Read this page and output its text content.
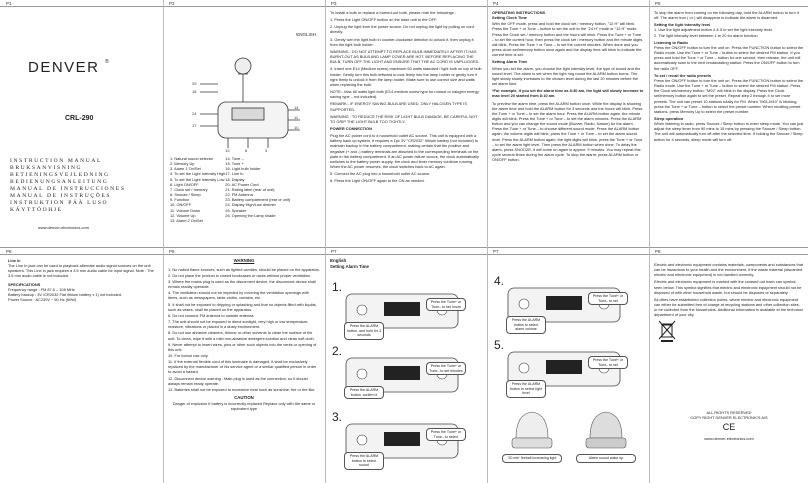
P1	P2	P3	P4	P5
P6	P6	P7	P7	P8
DENVER ®
CRL-290
INSTRUCTION MANUAL
BRUKSANVISNING
BETJENINGSVEJLEDNING
BEDIENUNGSANLEITUNG
MANUAL DE INSTRUCCIONES
MANUAL DE INSTRUÇÕES
INSTRUKTION PÄÄ LUSO
KÄYTTÖOHJE
www.denver-electronics.com
ENGLISH
25
16
24
17
14
11
10
13	8	3
1. Natural sound selector
2. Memory Up
3. Alarm 1 On/Set
4. To set the Light Intensity High
5. To set the Light Intensity Low
6. Light ON/OFF
7. Clock set / memory
8. Snooze / Sleep
9. Function
10. ON/OFF
11. Volume Down
12. Volume Up
13. Alarm 2 On/Set
14. Tune –
15. Tune +
16. Light bulb holder
17. Line In
18. Display
20. AC Power Cord
21. Rating label (rear of unit)
22. FM Antenna
23. Battery compartment (rear of unit)
24. Display High/Low dimmer
25. Speaker
26. Opening the Lamp shade

To install a bulb or replace a burned-out bulb, please note the followings :

1. Press the Light ON/OFF button on the base unit to the OFF.

2. Unplug the light from the power source. Do not unplug the light by pulling on cord directly.

3. Gently turn the light bulb in counter-clockwise direction to unlock it, then unplug it from the light bulb holder.

WARNING : DO NOT ATTEMPT TO REPLACE BULB IMMEDIATELY AFTER IT HAS BURNT-OUT AS BULB AND LAMP COVER ARE HOT. BEFORE REPLACING THE BULB, TURN OFF THE LIGHT AND ENSURE THAT THE AC CORD IS UNPLUGGED.

4. Insert one E14 (Medium screw) maximum 60 watts standard / light bulb on top of bulb holder. Gently turn this bulb leftward to look firmly into the lamp holder or gently turn it right firmly to unlock it from the lamp holder. Make sure to use correct size and watts when replacing the bulb.

NOTE:- Max 60 watts light bulb (E14 medium screw type for normal or halogen energy saving type – not included).

REMARK:- IF ENERGY SAVING BULB ARE USED, ONLY HALOGEN TYPE IS SUPPORTED.

WARNING : TO REDUCE THE RISK OF LIGHT BULB DAMAGE, BE CAREFUL NOT TO GRIP THE LIGHT BULB TOO TIGHTLY.

POWER CONNECTION

Plug the AC power cord to a household outlet AC source. This unit is equipped with a battery back up system, it requires a 1pc 3V "CR2032" lithium battery (not included) to maintain backup in the battery compartment, making certain that the positive and negative (+ and -) battery terminals are attached to the corresponding terminals on the plate in the battery compartment. If an AC power failure occurs, the clock automatically switches to the battery power supply, the clock and timer memory continue running. When the AC power resumes, the clock switches back to AC again.

5. Connect the AC plug into a household outlet AC source.

6. Press the Light ON/OFF again to the ON as needed.

OPERATING INSTRUCTIONS

Setting Clock Time

With the OFF mode, press and hold the clock set / memory button, "12 H" will blink. Press the Tune + or Tune – button to set the unit to the "24 H" mode or "12 H" mode. Press the Clock set / memory button and the hours will blink. Press the Tune + or Tune – to set the current hour, then press the clock set / memory button and the minute digits will blink. Press the Tune + or Tune – to set the current minutes. When done and you press clock set/memory button once again and the display time will blink to indicate the current time is set.

Setting Alarm Time

When you set the alarm, you choose the light intensity level, the type of sound and the sound level. The alarm is set when the light ring round the ALARM button burns. The light slowly slowly increases to the chosen level during the last 20 minutes before the set alarm time.

*For example, if you set the alarm time as 8:30 am, the light will slowly increase to max level 20 started from 8:10 am.

To preview the alarm time, press the ALARM button once. While the display is showing the alarm time and hold the ALARM button for 3 seconds and the hours will blink. Press the Tune + or Tune – to set the alarm hour. Press the ALARM button again, the minute digits will blink. Press the Tune + or Tune – to set the alarm minutes. Press the ALARM button and you can change the sound mode (Buzzer, Radio, Nature) for the alarm. Press the Tune + or Tune – to choose different sound mode. Press the ALARM button again, the volume digits will blink, press the Tune + or Tune – to set the alarm sound level. Press the ALARM button again; the light digits will blink, press the Tune + or Tune – to set the alarm light level. Then press the ALARM button when done. To delay the alarm, press SNOOZE, it will come on again in approx. 9 minutes. You may repeat this cycle several times during the alarm cycle. To stop the alarm; press ALARM button or ON/OFF button.

To stop the alarm from coming on the following day, hold the ALARM button to turn it off. The alarm icon ( or ) will disappear to indicate the alarm is disarmed.

Setting the light intensity level

1. Use the light adjustment button 4 & 5 to set the light intensity level.

2. The light intensity level between 1 to 20 for alarm function.

Listening to Radio

Press the ON/OFF button to turn the unit on. Press the FUNCTION button to select the Radio mode. Use the Tune + or Tune – button to select the desired FM station. If you press and hold the Tune + or Tune – button for one second, then release, the unit will automatically scan to the next broadcasting station. Press the ON/OFF button to turn the radio OFF.

To set / recall the radio presets

Press the ON/OFF button to turn the unit on. Press the FUNCTION button to select the Radio mode. Use the Tune + or Tune – button to select the desired FM station. Press the Clock set/memory button; "M02" will blink in the display. Press the Clock set/memory button again to set the preset. Repeat step 2 through 4 to set more presets. The unit can preset 10 stations totally for FM. When "M01-M10" is blinking, press the Tune + or Tune – button to select the preset number. When recalling preset stations, press Memory Up to select the preset number.

Sleep operation

When listening to radio, press Snooze / Sleep button to enter sleep mode. You can just adjust the sleep timer from 90 mins to 15 mins by pressing the Snooze / Sleep button. The unit will automatically turn off after the selected time. If holding the Snooze / Sleep button for 4 seconds, sleep mode will turn off.

Line in

The Line In jack can be used to playback alternate audio signal sources on the unit speakers. This Line in jack requires a 3.5 mm audio cable for input signal. Note : The 3.5 mm audio cable is not included.

SPECIFICATIONS

Frequency range : FM 87.5 – 108 MHz

Battery backup : 3V /CR2032 Flat lithium battery x 1) not included.

Power Source : AC230V ~ 50 Hz (60W)

WARNING

1. No naked flame sources, such as lighted candles, should be placed on the apparatus.

2. Do not place the product in closed bookcases or racks without proper ventilation.

3. Where the mains plug is used as the disconnect device, the disconnect device shall remain readily operable.

4. The ventilation should not be impeded by covering the ventilation openings with items, such as newspapers, table-cloths, curtains, etc.

5. It shall not be exposed to dripping or splashing and that no objects filled with liquids, such as vases, shall be placed on the apparatus.

6. Do not connect FM antenna to outside antenna.

7. The unit should not be exposed to direct sunlight, very high or low temperature, moisture, vibrations or placed in a dusty environment.

8. Do not use abrasive cleaners, thinner or other solvents to clean the surface of the unit. To clean, wipe it with a mild non-abrasive detergent solution and clean soft cloth.

9. Never attempt to insert wires, pins or other such objects into the vents or opening of this unit.

10. For indoor use only.

11. If the external flexible cord of this luminaire is damaged, it shall be exclusively replaced by the manufacturer or his service agent or a similar qualified person in order to avoid a hazard.

12. Disconnect device warning : Main plug is used as the connection, so it should always remain ready operate.

13. Batteries shall not be exposed to excessive heat such as sunshine, fire or the like.

CAUTION

Danger of explosion if battery is incorrectly replaced Replace only with the same or equivalent type

English

Setting Alarm Time

1.
Press the ALARM button, and hold for 3 seconds
Press the Tune+ or Tune– to set hours
2.
Press the ALARM button, confirm it
Press the Tune+ or Tune– to set minutes
3.
Press the ALARM button to select sound
Press the Tune+ or Tune– to select
4.
Press the ALARM button to select alarm volume
Press the Tune+ or Tune– to set
5.
Press the ALARM button to select light level
Press the Tune+ or Tune– to set
'20 min' fireball increasing light	Alarm sound wake up

Electric and electronic equipment contains materials, components and substances that can be hazardous to your health and the environment, if the waste material (discarded electric and electronic equipment) is not handled correctly.

Electric and electronic equipment is marked with the crossed out trash can symbol, seen below. This symbol signifies that electric and electronic equipment should not be disposed of with other household waste, but should be disposed of separately.

All cities have established collection points, where electric and electronic equipment can either be submitted free of charge at recycling stations and other collection sites, or be collected from the households. Additional information is available at the technical department of your city.

ALL RIGHTS RESERVED

COPY RIGHT DENVER ELECTRONICS A/S

CE

www.denver-electronics.com
